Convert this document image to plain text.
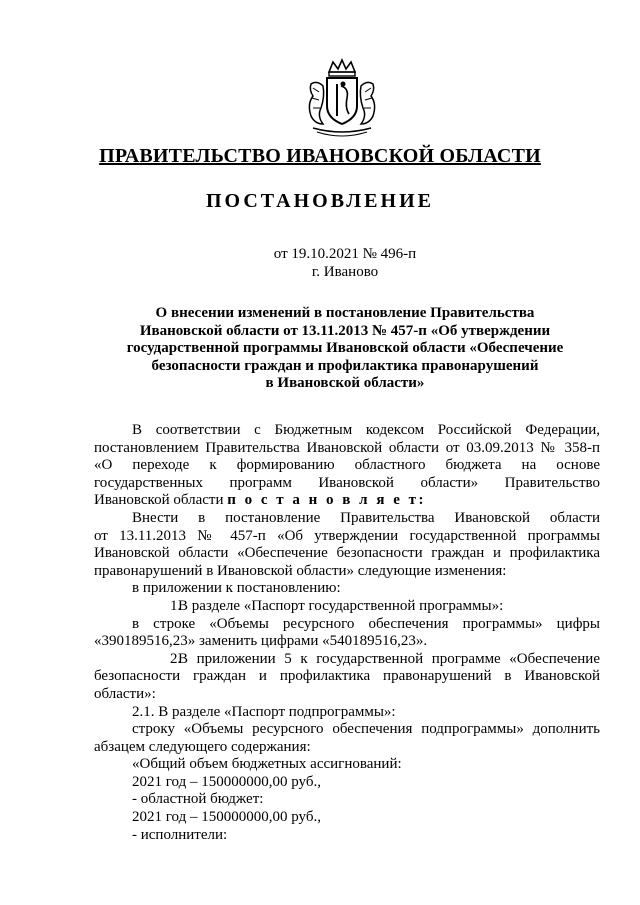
ПРАВИТЕЛЬСТВО ИВАНОВСКОЙ ОБЛАСТИ
ПОСТАНОВЛЕНИЕ
от 19.10.2021 № 496-п
г. Иваново
О внесении изменений в постановление Правительства
Ивановской области от 13.11.2013 № 457-п «Об утверждении
государственной программы Ивановской области «Обеспечение
безопасности граждан и профилактика правонарушений
в Ивановской области»

В соответствии с Бюджетным кодексом Российской Федерации,
постановлением Правительства Ивановской области от 03.09.2013 № 358-п
«О переходе к формированию областного бюджета на основе
государственных программ Ивановской области» Правительство
Ивановской области п о с т а н о в л я е т:

Внести в постановление Правительства Ивановской области
от 13.11.2013 № 457-п «Об утверждении государственной программы
Ивановской области «Обеспечение безопасности граждан и профилактика
правонарушений в Ивановской области» следующие изменения:

в приложении к постановлению:

1.В разделе «Паспорт государственной программы»:

в строке «Объемы ресурсного обеспечения программы» цифры
«390189516,23» заменить цифрами «540189516,23».

2.В приложении 5 к государственной программе «Обеспечение
безопасности граждан и профилактика правонарушений в Ивановской
области»:

2.1. В разделе «Паспорт подпрограммы»:

строку «Объемы ресурсного обеспечения подпрограммы» дополнить
абзацем следующего содержания:

«Общий объем бюджетных ассигнований:

2021 год – 150000000,00 руб.,

- областной бюджет:

2021 год – 150000000,00 руб.,

- исполнители:
